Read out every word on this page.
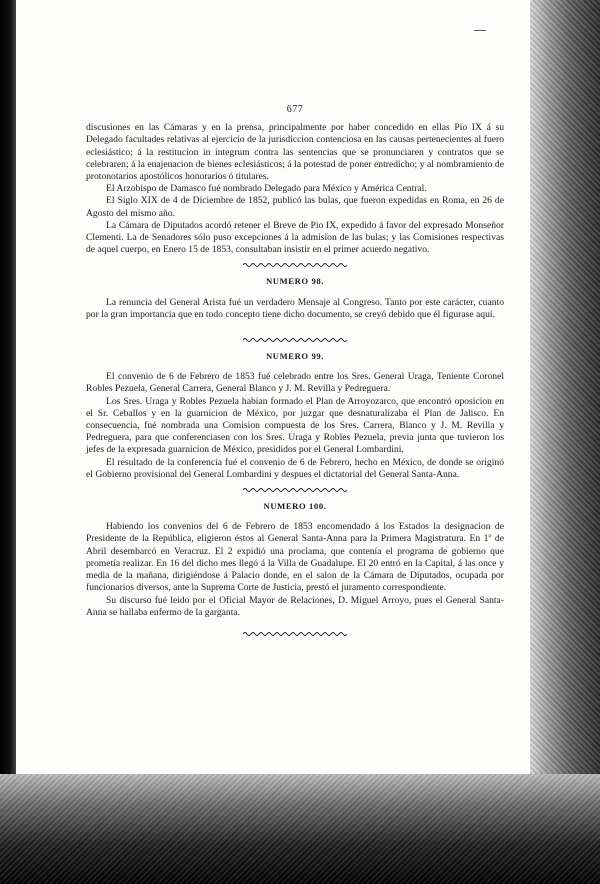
677

discusiones en las Cámaras y en la prensa, principalmente por haber concedido en ellas Pio IX á su Delegado facultades relativas al ejercicio de la jurisdiccion contenciosa en las causas pertenecientes al fuero eclesiástico; á la restitucion in integrum contra las sentencias que se pronunciaren y contratos que se celebraren; á la enajenacion de bienes eclesiásticos; á la potestad de poner entredicho; y al nombramiento de protonotarios apostólicos honorarios ó titulares.

El Arzobispo de Damasco fué nombrado Delegado para México y América Central.

El Siglo XIX de 4 de Diciembre de 1852, publicó las bulas, que fueron expedidas en Roma, en 26 de Agosto del mismo año.

La Cámara de Diputados acordó retener el Breve de Pio IX, expedido á favor del expresado Monseñor Clementi. La de Senadores sólo puso excepciones á la admision de las bulas; y las Comisiones respectivas de aquel cuerpo, en Enero 15 de 1853, consultaban insistir en el primer acuerdo negativo.

NUMERO 98.

La renuncia del General Arista fué un verdadero Mensaje al Congreso. Tanto por este carácter, cuanto por la gran importancia que en todo concepto tiene dicho documento, se creyó debido que él figurase aquí.

NUMERO 99.

El convenio de 6 de Febrero de 1853 fué celebrado entre los Sres. General Uraga, Teniente Coronel Robles Pezuela, General Carrera, General Blanco y J. M. Revilla y Pedreguera.

Los Sres. Uraga y Robles Pezuela habian formado el Plan de Arroyozarco, que encontró oposicion en el Sr. Ceballos y en la guarnicion de México, por juzgar que desnaturalizaba el Plan de Jalisco. En consecuencia, fué nombrada una Comision compuesta de los Sres. Carrera, Blanco y J. M. Revilla y Pedreguera, para que conferenciasen con los Sres. Uraga y Robles Pezuela, previa junta que tuvieron los jefes de la expresada guarnicion de México, presididos por el General Lombardini.

El resultado de la conferencia fué el convenio de 6 de Febrero, hecho en México, de donde se originó el Gobierno provisional del General Lombardini y despues el dictatorial del General Santa-Anna.

NUMERO 100.

Habiendo los convenios del 6 de Febrero de 1853 encomendado á los Estados la designacion de Presidente de la República, eligieron éstos al General Santa-Anna para la Primera Magistratura. En 1º de Abril desembarcó en Veracruz. El 2 expidió una proclama, que contenía el programa de gobierno que prometía realizar. En 16 del dicho mes llegó á la Villa de Guadalupe. El 20 entró en la Capital, á las once y media de la mañana, dirigiéndose á Palacio donde, en el salon de la Cámara de Diputados, ocupada por funcionarios diversos, ante la Suprema Corte de Justicia, prestó el juramento correspondiente.

Su discurso fué leido por el Oficial Mayor de Relaciones, D. Miguel Arroyo, pues el General Santa-Anna se hallaba enfermo de la garganta.
